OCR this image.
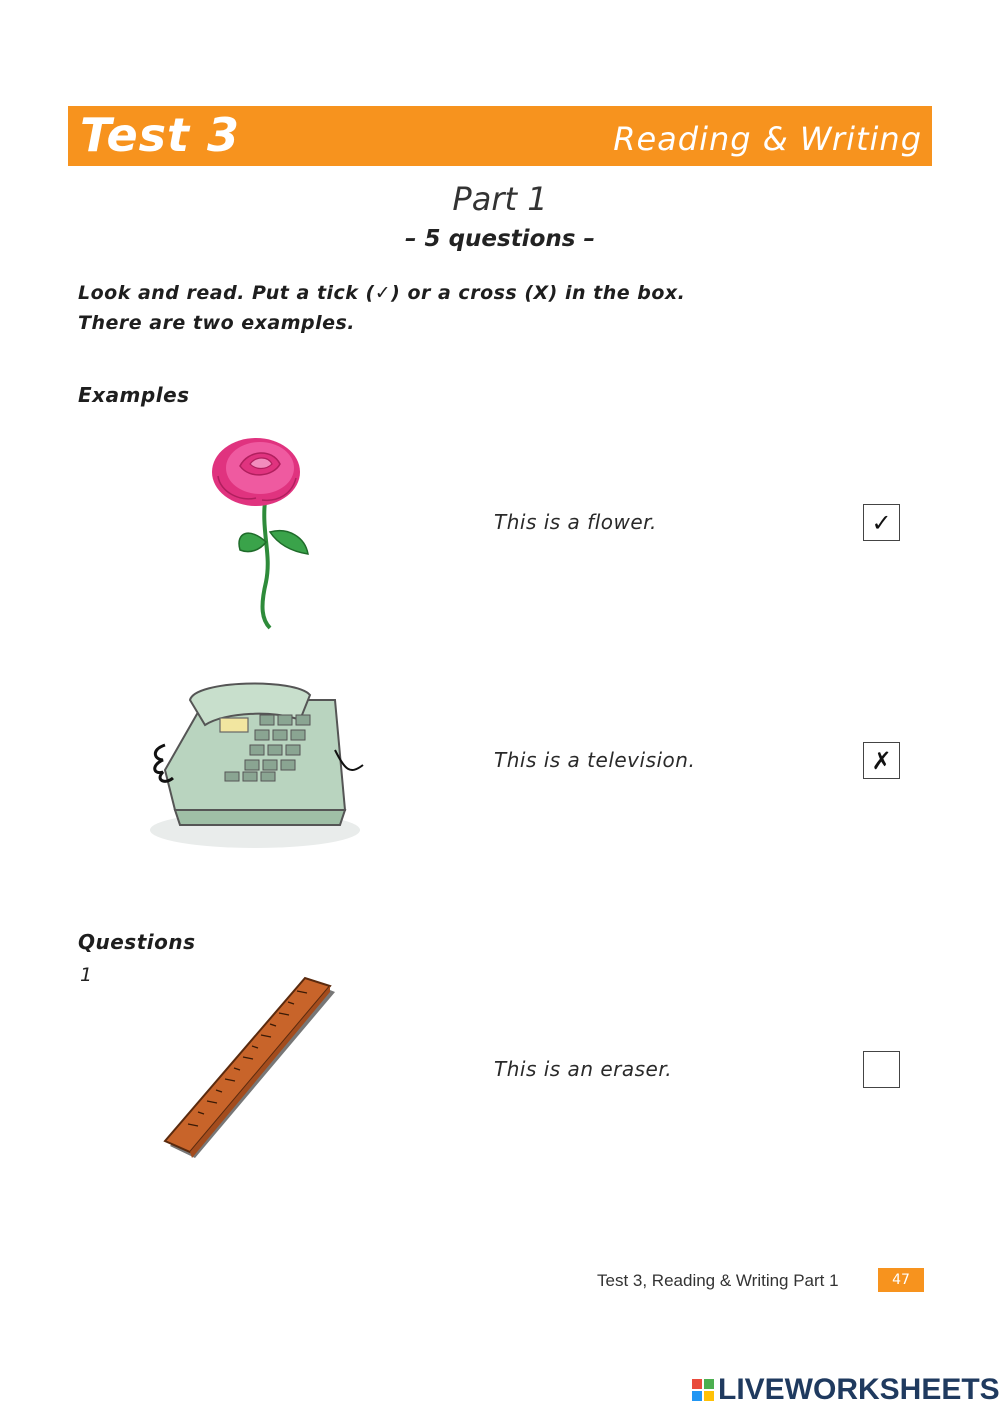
Test 3	Reading & Writing
Part 1
– 5 questions –
Look and read. Put a tick (✓) or a cross (X) in the box.
There are two examples.
Examples
This is a flower.	✓
This is a television.	✗
Questions
1
This is an eraser.
Test 3, Reading & Writing Part 1	47
LIVEWORKSHEETS
